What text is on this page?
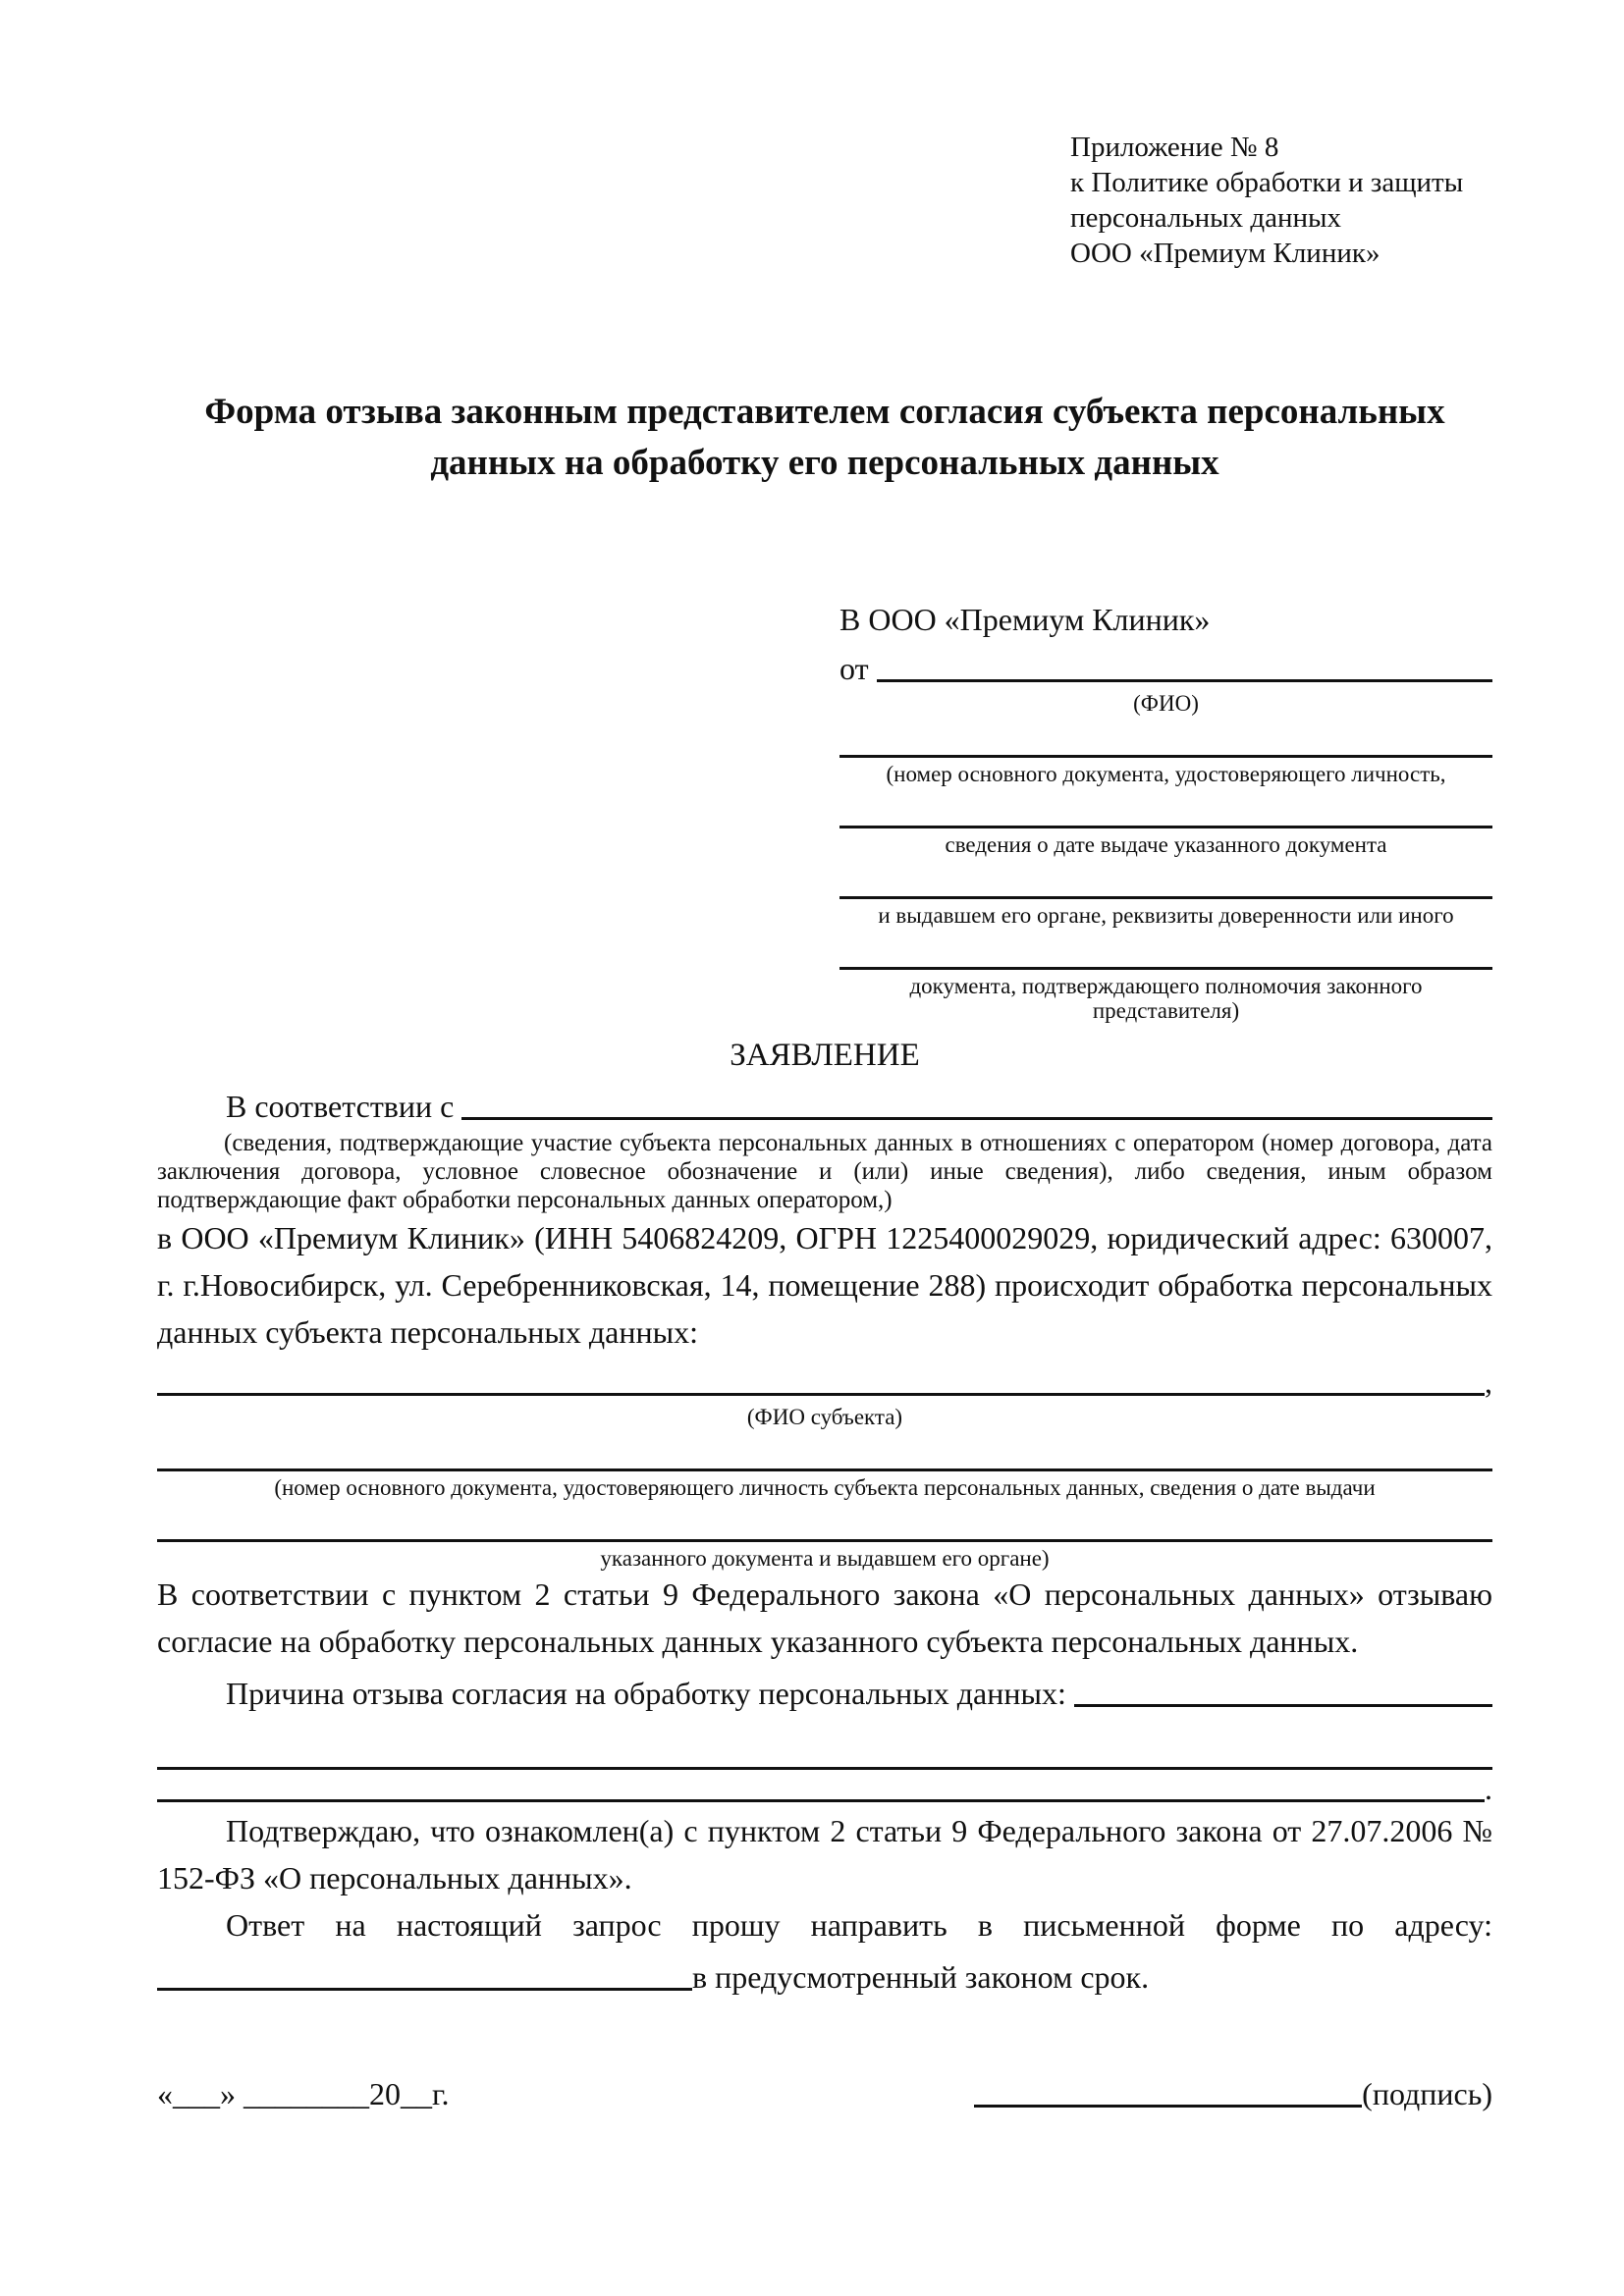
Приложение № 8
к Политике обработки и защиты
персональных данных
ООО «Премиум Клиник»
Форма отзыва законным представителем согласия субъекта персональных данных на обработку его персональных данных
В ООО «Премиум Клиник»
от
(ФИО)
(номер основного документа, удостоверяющего личность,
сведения о дате выдаче указанного документа
и выдавшем его органе, реквизиты доверенности или иного
документа, подтверждающего полномочия законного представителя)
ЗАЯВЛЕНИЕ
В соответствии с
(сведения, подтверждающие участие субъекта персональных данных в отношениях с оператором (номер договора, дата заключения договора, условное словесное обозначение и (или) иные сведения), либо сведения, иным образом подтверждающие факт обработки персональных данных оператором,)
в ООО «Премиум Клиник» (ИНН 5406824209, ОГРН 1225400029029, юридический адрес: 630007, г. г.Новосибирск, ул. Серебренниковская, 14, помещение 288) происходит обработка персональных данных субъекта персональных данных:
,
(ФИО субъекта)
(номер основного документа, удостоверяющего личность субъекта персональных данных, сведения о дате выдачи
указанного документа и выдавшем его органе)
В соответствии с пунктом 2 статьи 9 Федерального закона «О персональных данных» отзываю согласие на обработку персональных данных указанного субъекта персональных данных.
Причина отзыва согласия на обработку персональных данных:
.
Подтверждаю, что ознакомлен(а) с пунктом 2 статьи 9 Федерального закона от 27.07.2006 № 152-ФЗ «О персональных данных».
Ответ на настоящий запрос прошу направить в письменной форме по адресу:
в предусмотренный законом срок.
«___» ________20__г.	(подпись)
